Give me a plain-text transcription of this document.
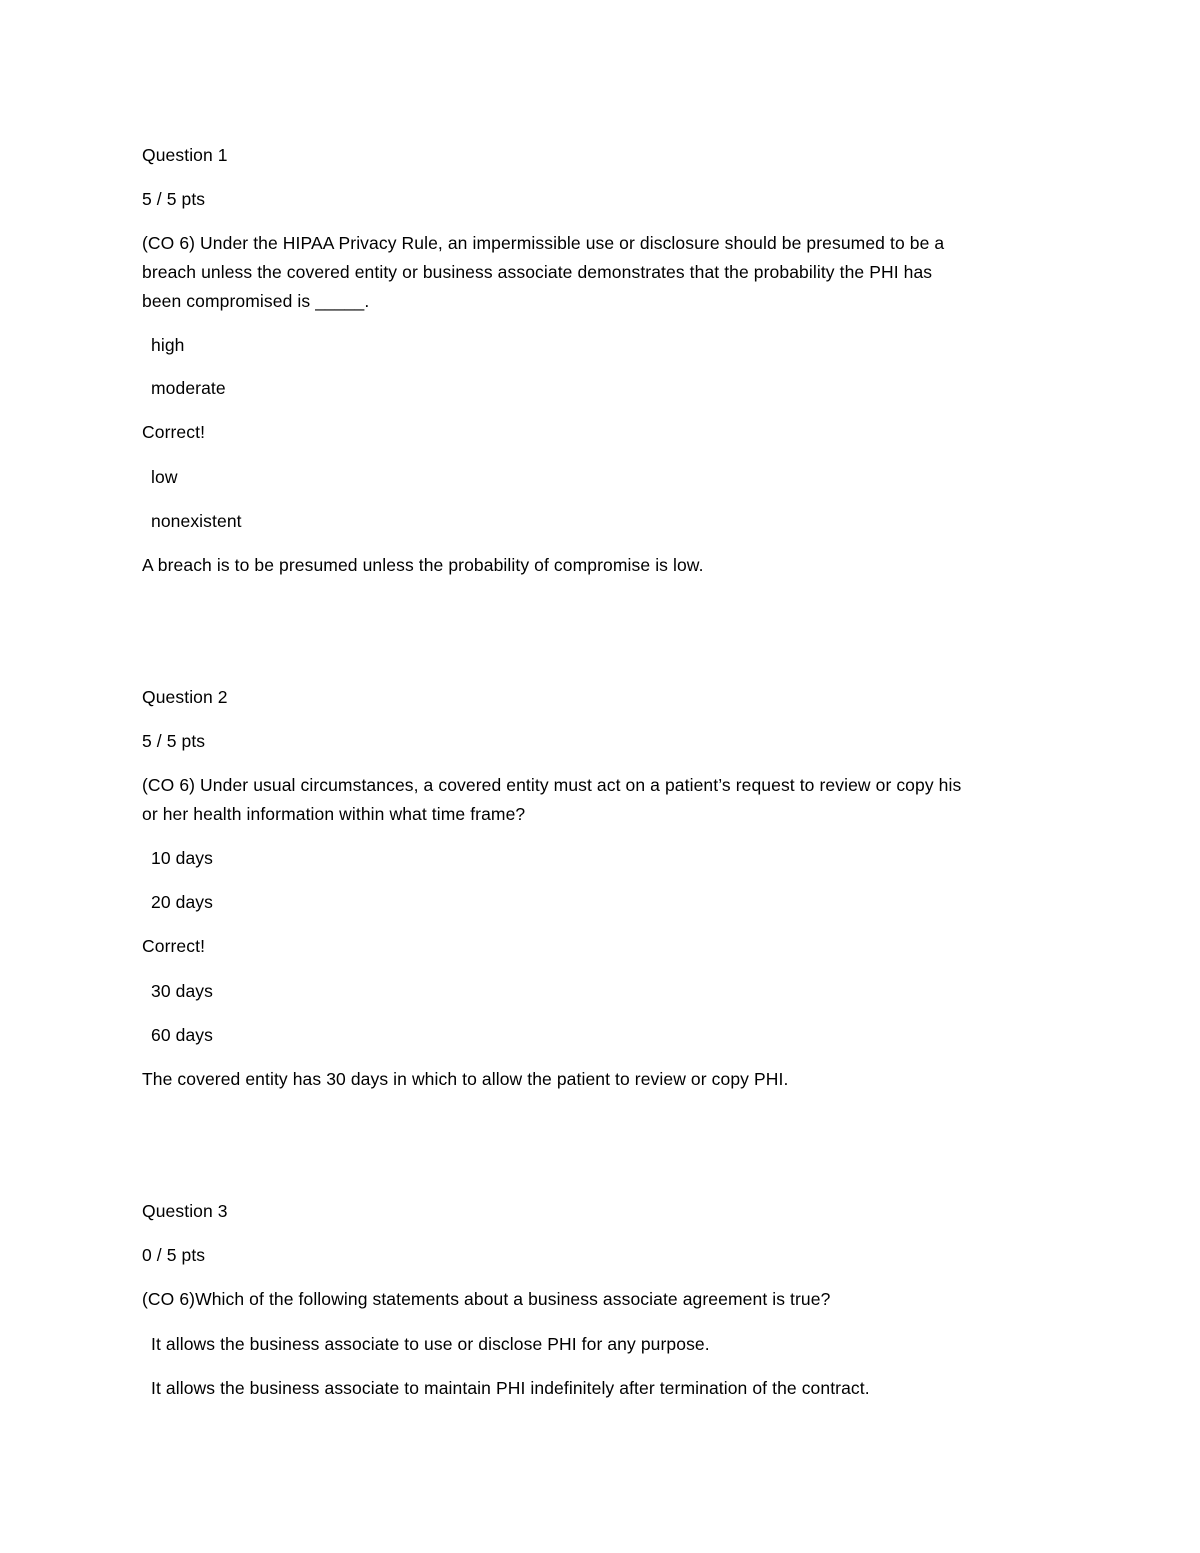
Question 1
5 / 5 pts
(CO 6) Under the HIPAA Privacy Rule, an impermissible use or disclosure should be presumed to be a
breach unless the covered entity or business associate demonstrates that the probability the PHI has
been compromised is _____.
high
moderate
Correct!
low
nonexistent
A breach is to be presumed unless the probability of compromise is low.
Question 2
5 / 5 pts
(CO 6) Under usual circumstances, a covered entity must act on a patient’s request to review or copy his
or her health information within what time frame?
10 days
20 days
Correct!
30 days
60 days
The covered entity has 30 days in which to allow the patient to review or copy PHI.
Question 3
0 / 5 pts
(CO 6)Which of the following statements about a business associate agreement is true?
It allows the business associate to use or disclose PHI for any purpose.
It allows the business associate to maintain PHI indefinitely after termination of the contract.
